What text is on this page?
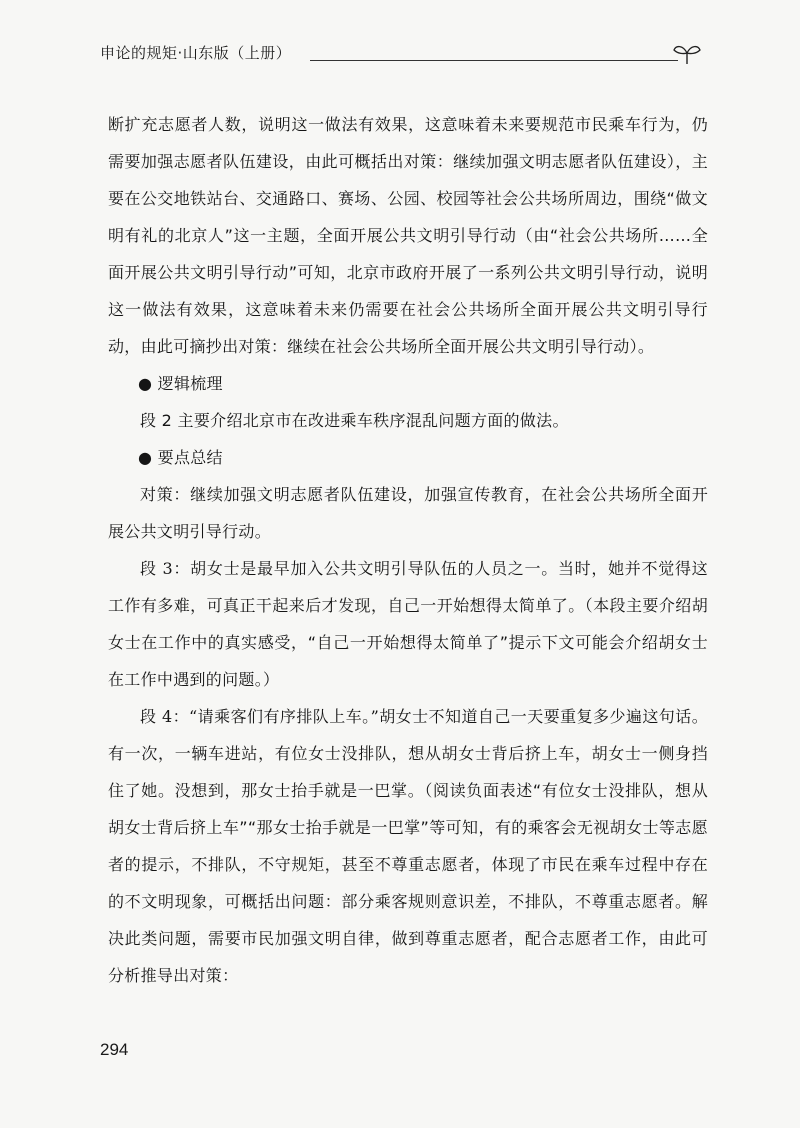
申论的规矩·山东版（上册）

断扩充志愿者人数，说明这一做法有效果，这意味着未来要规范市民乘车行为，仍需要加强志愿者队伍建设，由此可概括出对策：继续加强文明志愿者队伍建设），主要在公交地铁站台、交通路口、赛场、公园、校园等社会公共场所周边，围绕“做文明有礼的北京人”这一主题，全面开展公共文明引导行动（由“社会公共场所……全面开展公共文明引导行动”可知，北京市政府开展了一系列公共文明引导行动，说明这一做法有效果，这意味着未来仍需要在社会公共场所全面开展公共文明引导行动，由此可摘抄出对策：继续在社会公共场所全面开展公共文明引导行动）。

● 逻辑梳理

段 2 主要介绍北京市在改进乘车秩序混乱问题方面的做法。

● 要点总结

对策：继续加强文明志愿者队伍建设，加强宣传教育，在社会公共场所全面开展公共文明引导行动。

段 3：胡女士是最早加入公共文明引导队伍的人员之一。当时，她并不觉得这工作有多难，可真正干起来后才发现，自己一开始想得太简单了。（本段主要介绍胡女士在工作中的真实感受，“自己一开始想得太简单了”提示下文可能会介绍胡女士在工作中遇到的问题。）

段 4：“请乘客们有序排队上车。”胡女士不知道自己一天要重复多少遍这句话。有一次，一辆车进站，有位女士没排队，想从胡女士背后挤上车，胡女士一侧身挡住了她。没想到，那女士抬手就是一巴掌。（阅读负面表述“有位女士没排队，想从胡女士背后挤上车”“那女士抬手就是一巴掌”等可知，有的乘客会无视胡女士等志愿者的提示，不排队，不守规矩，甚至不尊重志愿者，体现了市民在乘车过程中存在的不文明现象，可概括出问题：部分乘客规则意识差，不排队，不尊重志愿者。解决此类问题，需要市民加强文明自律，做到尊重志愿者，配合志愿者工作，由此可分析推导出对策：

294
